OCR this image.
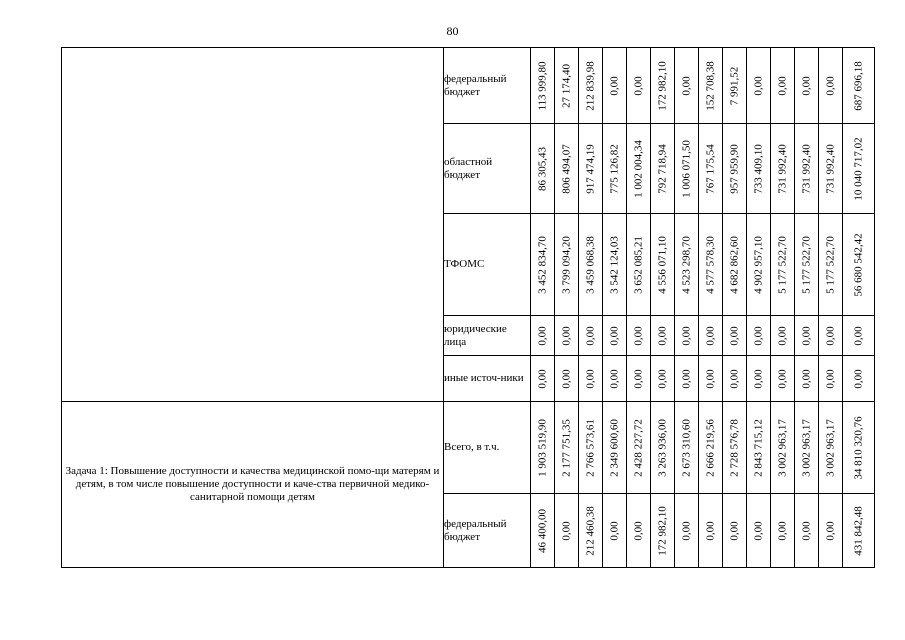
80
	федеральный бюджет	113 999,80	27 174,40	212 839,98	0,00	0,00	172 982,10	0,00	152 708,38	7 991,52	0,00	0,00	0,00	0,00	687 696,18

	областной бюджет	86 305,43	806 494,07	917 474,19	775 126,82	1 002 004,34	792 718,94	1 006 071,50	767 175,54	957 959,90	733 409,10	731 992,40	731 992,40	731 992,40	10 040 717,02

	ТФОМС	3 452 834,70	3 799 094,20	3 459 068,38	3 542 124,03	3 652 085,21	4 556 071,10	4 523 298,70	4 577 578,30	4 682 862,60	4 902 957,10	5 177 522,70	5 177 522,70	5 177 522,70	56 680 542,42

	юридические лица	0,00	0,00	0,00	0,00	0,00	0,00	0,00	0,00	0,00	0,00	0,00	0,00	0,00	0,00

	иные источ-ники	0,00	0,00	0,00	0,00	0,00	0,00	0,00	0,00	0,00	0,00	0,00	0,00	0,00	0,00

Задача 1: Повышение доступности и качества медицинской помо-щи матерям и детям, в том числе повышение доступности и каче-ства первичной медико-санитарной помощи детям	Всего, в т.ч.	1 903 519,90	2 177 751,35	2 766 573,61	2 349 600,60	2 428 227,72	3 263 936,00	2 673 310,60	2 666 219,56	2 728 576,78	2 843 715,12	3 002 963,17	3 002 963,17	3 002 963,17	34 810 320,76

	федеральный бюджет	46 400,00	0,00	212 460,38	0,00	0,00	172 982,10	0,00	0,00	0,00	0,00	0,00	0,00	0,00	431 842,48
